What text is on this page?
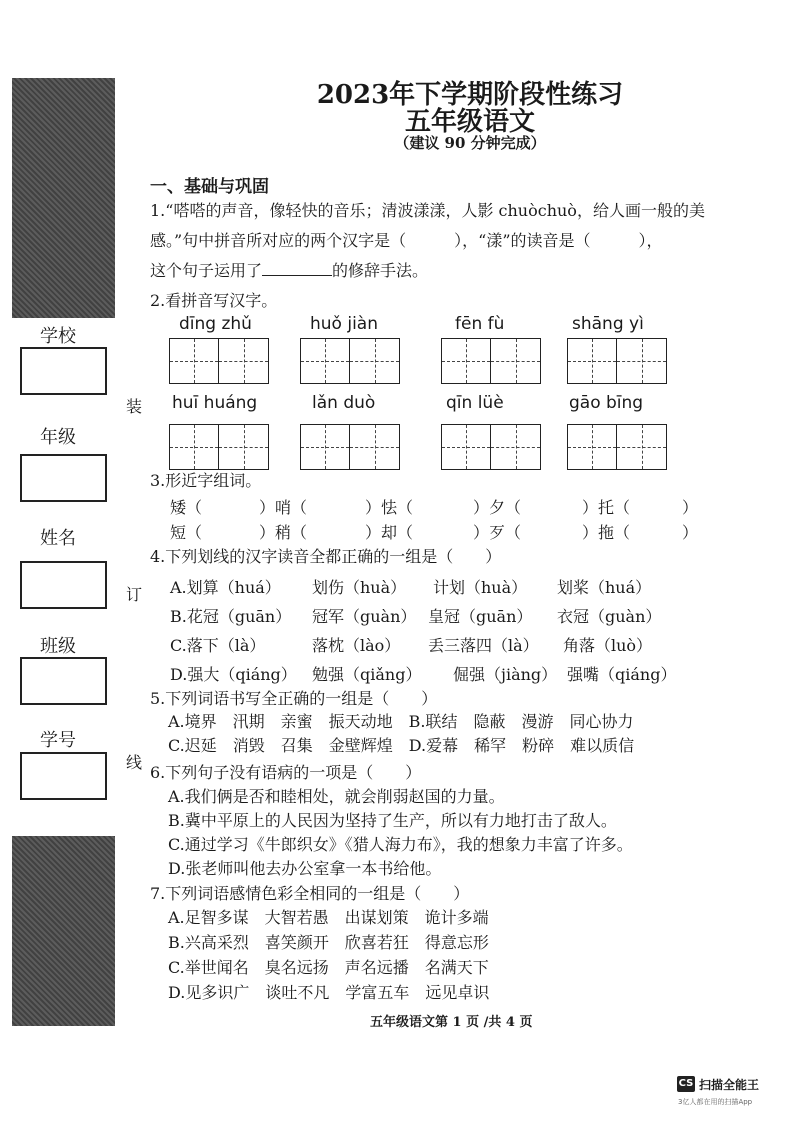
学校
年级
姓名
班级
学号
装
订
线
2023年下学期阶段性练习
五年级语文
（建议 90 分钟完成）
一、基础与巩固
1.“嗒嗒的声音，像轻快的音乐；清波漾漾，人影 chuòchuò，给人画一般的美
感。”句中拼音所对应的两个汉字是（　　　），“漾”的读音是（　　　），
这个句子运用了	的修辞手法。
2.看拼音写汉字。
dīng zhǔ	huǒ jiàn	fēn fù	shāng yì
huī huáng	lǎn duò	qīn lüè	gāo bīng
3.形近字组词。
矮（	）哨（	）怯（	）夕（	）托（	）
短（	）稍（	）却（	）歹（	）拖（	）
4.下列划线的汉字读音全都正确的一组是（　　）
A.划算（huá） 划伤（huà） 计划（huà） 划桨（huá）
B.花冠（guān） 冠军（guàn） 皇冠（guān） 衣冠（guàn）
C.落下（là）	落枕（lào） 丢三落四（là） 角落（luò）
D.强大（qiáng） 勉强（qiǎng） 倔强（jiàng） 强嘴（qiáng）
5.下列词语书写全正确的一组是（　　）
A.境界　汛期　亲蜜　振天动地　B.联结　隐蔽　漫游　同心协力
C.迟延　消毁　召集　金壁辉煌　D.爱幕　稀罕　粉碎　难以质信
6.下列句子没有语病的一项是（　　）
A.我们俩是否和睦相处，就会削弱赵国的力量。
B.冀中平原上的人民因为坚持了生产，所以有力地打击了敌人。
C.通过学习《牛郎织女》《猎人海力布》，我的想象力丰富了许多。
D.张老师叫他去办公室拿一本书给他。
7.下列词语感情色彩全相同的一组是（　　）
A.足智多谋　大智若愚　出谋划策　诡计多端
B.兴高采烈　喜笑颜开　欣喜若狂　得意忘形
C.举世闻名　臭名远扬　声名远播　名满天下
D.见多识广　谈吐不凡　学富五车　远见卓识
五年级语文第 1 页 /共 4 页
CS 扫描全能王
3亿人都在用的扫描App
